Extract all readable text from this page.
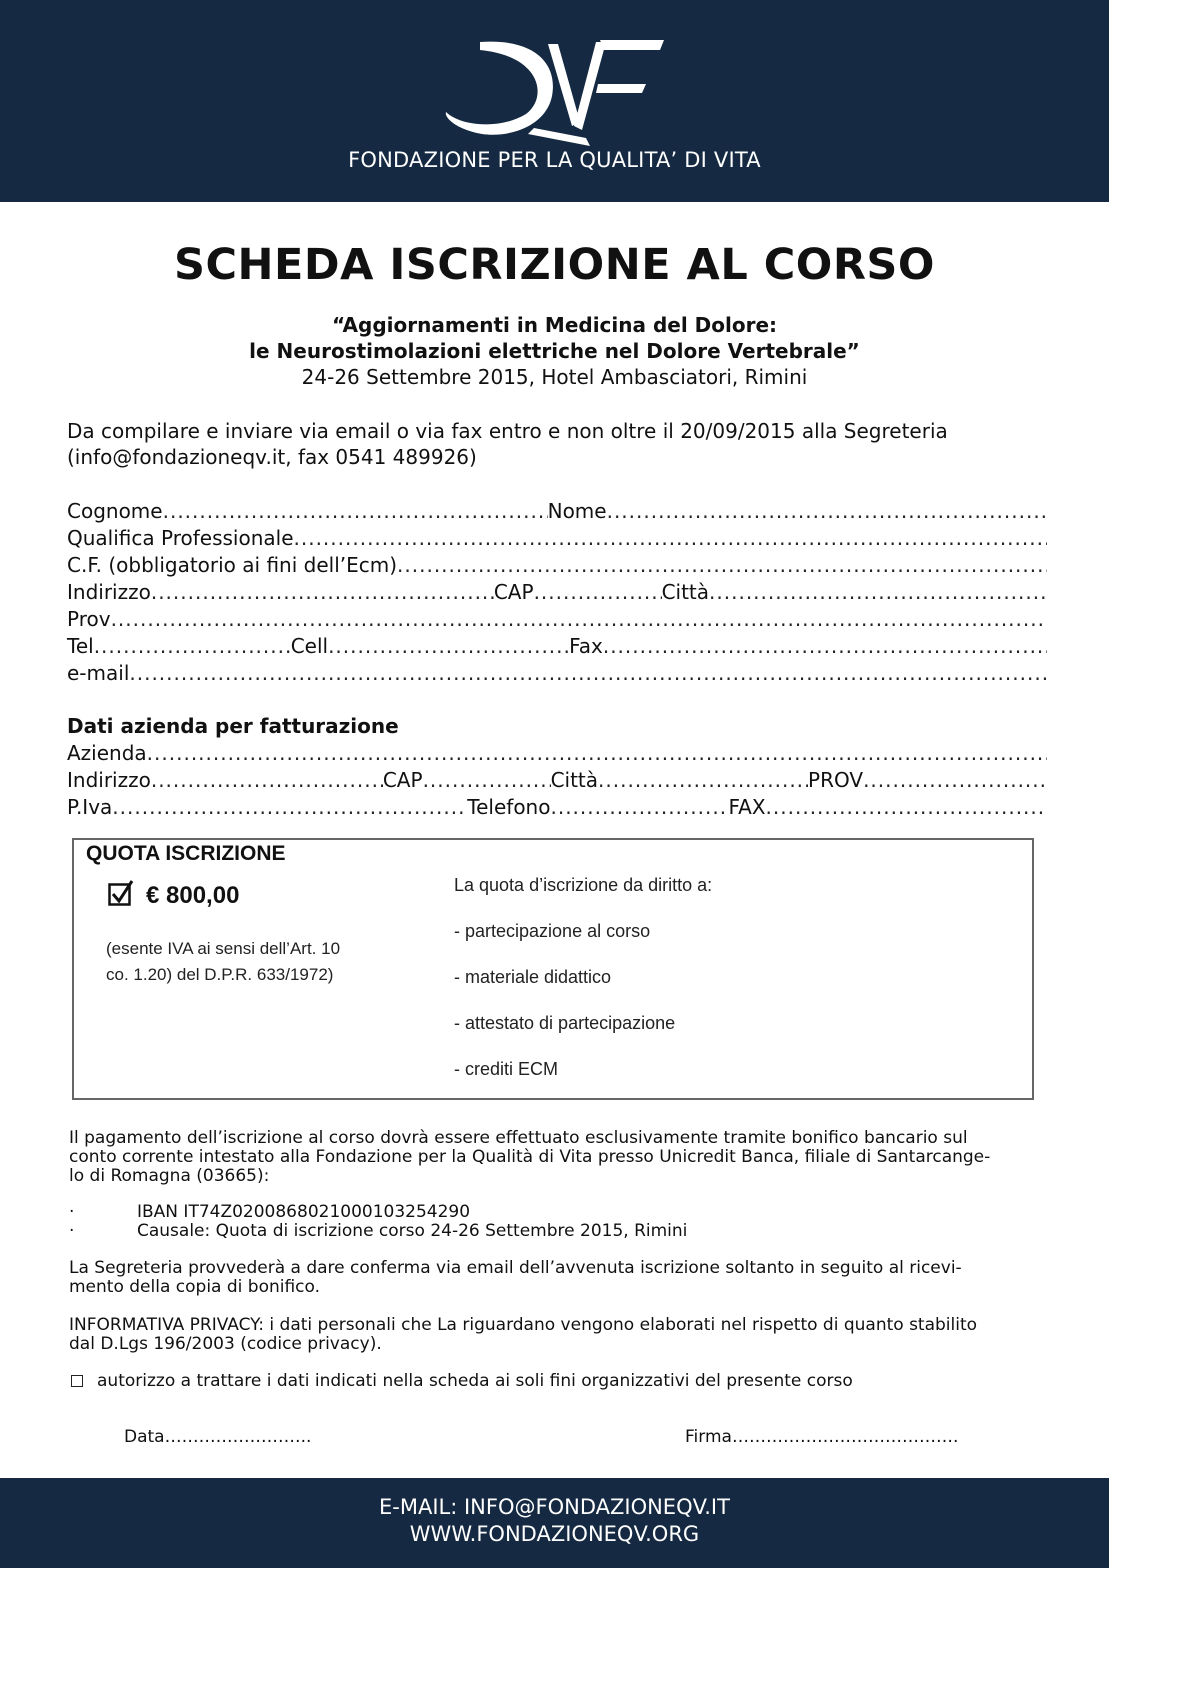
FONDAZIONE PER LA QUALITA’ DI VITA
SCHEDA ISCRIZIONE AL CORSO
“Aggiornamenti in Medicina del Dolore:
le Neurostimolazioni elettriche nel Dolore Vertebrale”
24-26 Settembre 2015, Hotel Ambasciatori, Rimini
Da compilare e inviare via email o via fax entro e non oltre il 20/09/2015 alla Segreteria
(info@fondazioneqv.it, fax 0541 489926)
Cognome .....	Nome
.....
Qualifica Professionale
.....
C.F. (obbligatorio ai fini dell’Ecm)
.....
Indirizzo .....	CAP .....	Città
.....
Prov
.....
Tel .....	Cell .....	Fax
.....
e-mail
.....
Dati azienda per fatturazione
Azienda
.....
Indirizzo .....	CAP .....	Città .....	PROV
.....
P.Iva .....	Telefono .....	FAX
.....
QUOTA ISCRIZIONE
€ 800,00
(esente IVA ai sensi dell’Art. 10
co. 1.20) del D.P.R. 633/1972)
La quota d’iscrizione da diritto a:
- partecipazione al corso
- materiale didattico
- attestato di partecipazione
- crediti ECM
Il pagamento dell’iscrizione al corso dovrà essere effettuato esclusivamente tramite bonifico bancario sul
conto corrente intestato alla Fondazione per la Qualità di Vita presso Unicredit Banca, filiale di Santarcange-
lo di Romagna (03665):
·	IBAN IT74Z0200868021000103254290
·	Causale: Quota di iscrizione corso 24-26 Settembre 2015, Rimini
La Segreteria provvederà a dare conferma via email dell’avvenuta iscrizione soltanto in seguito al ricevi-
mento della copia di bonifico.
INFORMATIVA PRIVACY: i dati personali che La riguardano vengono elaborati nel rispetto di quanto stabilito
dal D.Lgs 196/2003 (codice privacy).
autorizzo a trattare i dati indicati nella scheda ai soli fini organizzativi del presente corso
Data……………………..	Firma………………………………….
E-MAIL: INFO@FONDAZIONEQV.IT
WWW.FONDAZIONEQV.ORG
